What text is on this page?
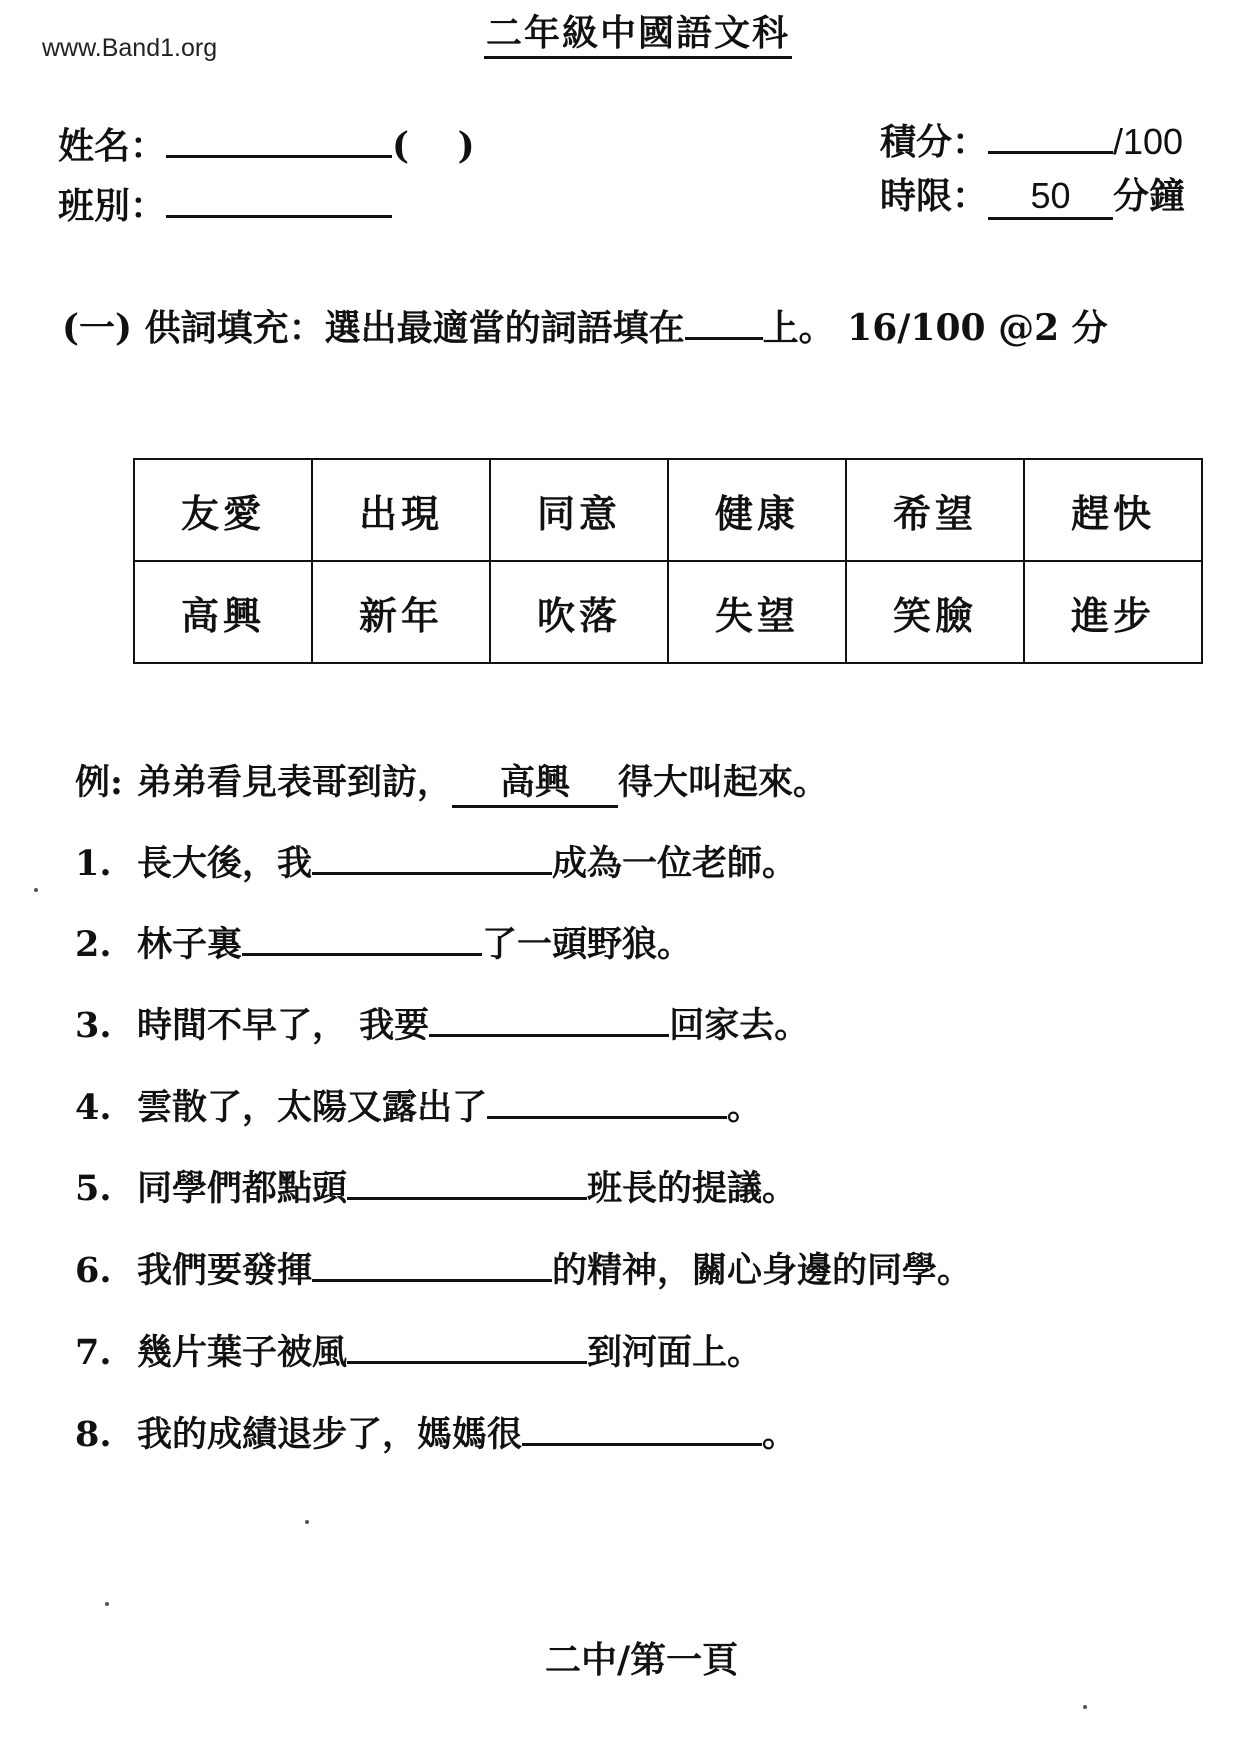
www.Band1.org	二年級中國語文科
姓名：	(　 )
班別：
積分：	/100
時限： 50 分鐘
(一) 供詞填充：選出最適當的詞語填在 上。 16/100 @2 分
友愛	出現	同意	健康	希望	趕快
高興	新年	吹落	失望	笑臉	進步
例: 弟弟看見表哥到訪， 高興 得大叫起來。
1. 長大後，我	成為一位老師。
2. 林子裏	了一頭野狼。
3. 時間不早了， 我要	回家去。
4. 雲散了，太陽又露出了	。
5. 同學們都點頭	班長的提議。
6. 我們要發揮	的精神，關心身邊的同學。
7. 幾片葉子被風	到河面上。
8. 我的成績退步了，媽媽很	。
二中/第一頁
